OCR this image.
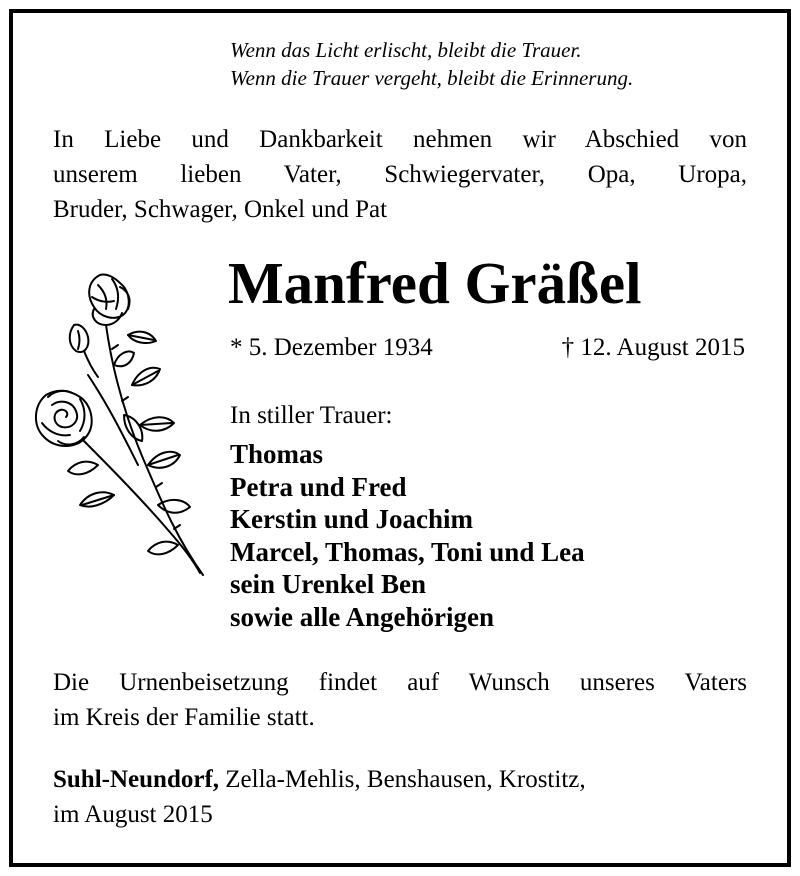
Wenn das Licht erlischt, bleibt die Trauer.
Wenn die Trauer vergeht, bleibt die Erinnerung.
In Liebe und Dankbarkeit nehmen wir Abschied von
unserem lieben Vater, Schwiegervater, Opa, Uropa,
Bruder, Schwager, Onkel und Pat
Manfred Gräßel
* 5. Dezember 1934	† 12. August 2015
In stiller Trauer:
Thomas
Petra und Fred
Kerstin und Joachim
Marcel, Thomas, Toni und Lea
sein Urenkel Ben
sowie alle Angehörigen
Die Urnenbeisetzung findet auf Wunsch unseres Vaters
im Kreis der Familie statt.
Suhl-Neundorf, Zella-Mehlis, Benshausen, Krostitz,
im August 2015
